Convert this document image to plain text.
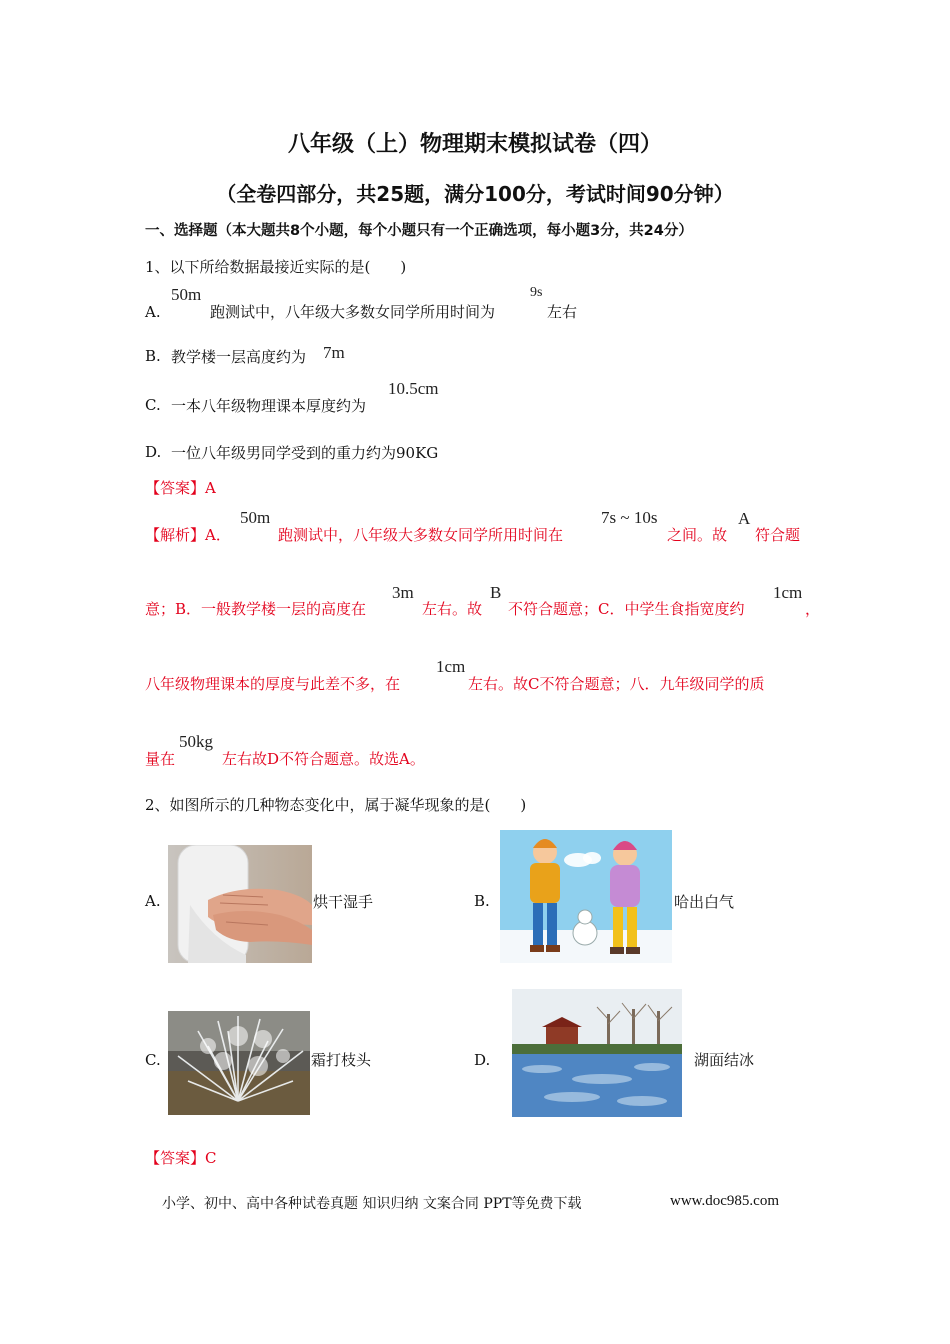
八年级（上）物理期末模拟试卷（四）
（全卷四部分，共25题，满分100分，考试时间90分钟）
一、选择题（本大题共8个小题，每个小题只有一个正确选项，每小题3分，共24分）
1、以下所给数据最接近实际的是(　　)
A.
50m
跑测试中，八年级大多数女同学所用时间为
9s
左右
B. 教学楼一层高度约为 7m
C. 一本八年级物理课本厚度约为
10.5cm
D. 一位八年级男同学受到的重力约为90KG
【答案】A
【解析】A．
50m
跑测试中，八年级大多数女同学所用时间在
7s ~ 10s
之间。故
A
符合题
意；B．一般教学楼一层的高度在
3m
左右。故
B
不符合题意；C．中学生食指宽度约
1cm
，
八年级物理课本的厚度与此差不多，在
1cm
左右。故C不符合题意；八．九年级同学的质
量在
50kg
左右故D不符合题意。故选A。
2、如图所示的几种物态变化中，属于凝华现象的是(　　)
A.	烘干湿手	B.	哈出白气
C.	霜打枝头	D.	湖面结冰
【答案】C
小学、初中、高中各种试卷真题 知识归纳 文案合同 PPT等免费下载	www.doc985.com
